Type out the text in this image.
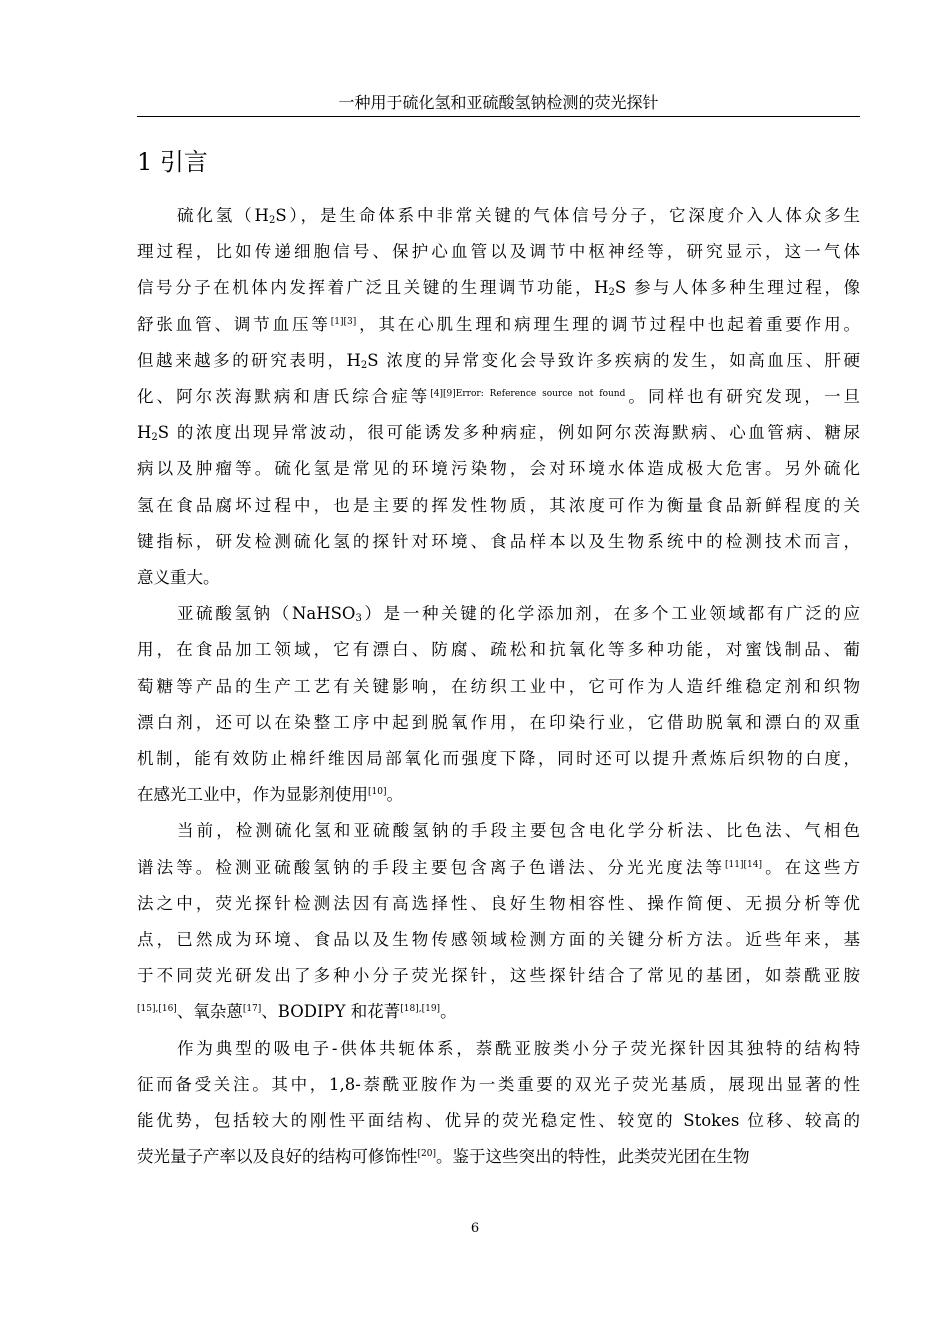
一种用于硫化氢和亚硫酸氢钠检测的荧光探针
1 引言

硫化氢$(H_2S)$，是生命体系中非常关键的气体信号分子，它深度介入人体众多生
理过程，比如传递细胞信号、保护心血管以及调节中枢神经等，研究显示，这一气体
信号分子在机体内发挥着广泛且关键的生理调节功能，$H_2S$ 参与人体多种生理过程，像
舒张血管、调节血压等[1][3]，其在心肌生理和病理生理的调节过程中也起着重要作用。
但越来越多的研究表明，$H_2S$ 浓度的异常变化会导致许多疾病的发生，如高血压、肝硬
化、阿尔茨海默病和唐氏综合症等$^{[4][9]Error: Reference source not found}$。同样也有研究发现，一旦
$H_2S$ 的浓度出现异常波动，很可能诱发多种病症，例如阿尔茨海默病、心血管病、糖尿
病以及肿瘤等。硫化氢是常见的环境污染物，会对环境水体造成极大危害。另外硫化
氢在食品腐坏过程中，也是主要的挥发性物质，其浓度可作为衡量食品新鲜程度的关
键指标，研发检测硫化氢的探针对环境、食品样本以及生物系统中的检测技术而言，
意义重大。

亚硫酸氢钠（NaHSO$_3$）是一种关键的化学添加剂，在多个工业领域都有广泛的应
用，在食品加工领域，它有漂白、防腐、疏松和抗氧化等多种功能，对蜜饯制品、葡
萄糖等产品的生产工艺有关键影响，在纺织工业中，它可作为人造纤维稳定剂和织物
漂白剂，还可以在染整工序中起到脱氧作用，在印染行业，它借助脱氧和漂白的双重
机制，能有效防止棉纤维因局部氧化而强度下降，同时还可以提升煮炼后织物的白度，
在感光工业中，作为显影剂使用[10]。

当前，检测硫化氢和亚硫酸氢钠的手段主要包含电化学分析法、比色法、气相色
谱法等。检测亚硫酸氢钠的手段主要包含离子色谱法、分光光度法等[11][14]。在这些方
法之中，荧光探针检测法因有高选择性、良好生物相容性、操作简便、无损分析等优
点，已然成为环境、食品以及生物传感领域检测方面的关键分析方法。近些年来，基
于不同荧光研发出了多种小分子荧光探针，这些探针结合了常见的基团，如萘酰亚胺
[15],[16]、氧杂蒽[17]、BODIPY 和花菁[18],[19]。

作为典型的吸电子-供体共轭体系，萘酰亚胺类小分子荧光探针因其独特的结构特
征而备受关注。其中，1,8-萘酰亚胺作为一类重要的双光子荧光基质，展现出显著的性
能优势，包括较大的刚性平面结构、优异的荧光稳定性、较宽的 Stokes 位移、较高的
荧光量子产率以及良好的结构可修饰性[20]。鉴于这些突出的特性，此类荧光团在生物

6
